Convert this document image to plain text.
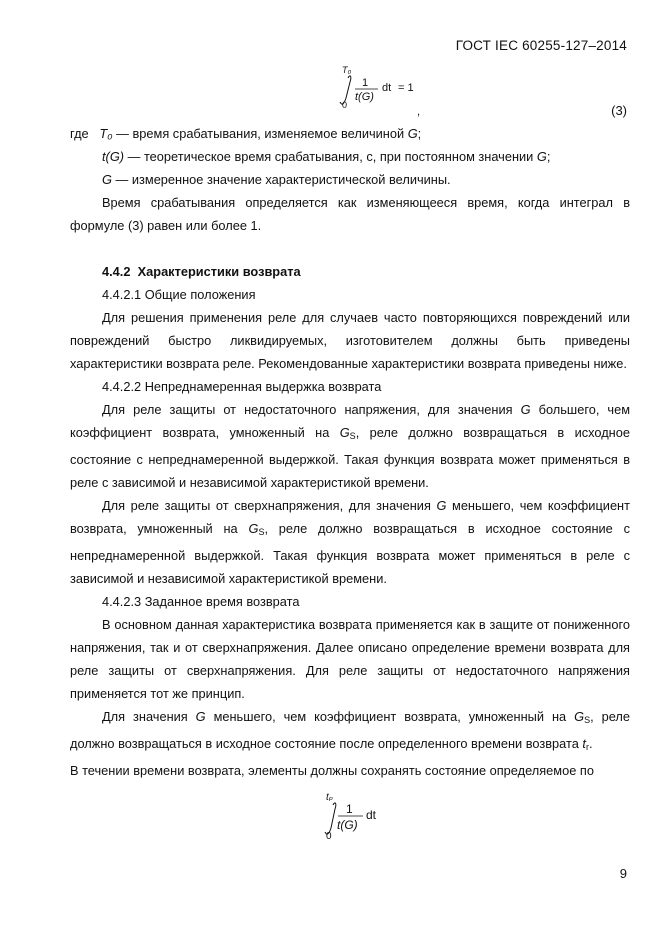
ГОСТ IEC 60255-127–2014
T₀
0
1
t(G)
dt = 1
,	(3)

где T₀ — время срабатывания, изменяемое величиной G;

t(G) — теоретическое время срабатывания, с, при постоянном значении G;

G — измеренное значение характеристической величины.

Время срабатывания определяется как изменяющееся время, когда интеграл в формуле (3) равен или более 1.

4.4.2 Характеристики возврата

4.4.2.1 Общие положения

Для решения применения реле для случаев часто повторяющихся повреждений или повреждений быстро ликвидируемых, изготовителем должны быть приведены характеристики возврата реле. Рекомендованные характеристики возврата приведены ниже.

4.4.2.2 Непреднамеренная выдержка возврата

Для реле защиты от недостаточного напряжения, для значения G большего, чем коэффициент возврата, умноженный на $G_S$, реле должно возвращаться в исходное состояние с непреднамеренной выдержкой. Такая функция возврата может применяться в реле с зависимой и независимой характеристикой времени.

Для реле защиты от сверхнапряжения, для значения G меньшего, чем коэффициент возврата, умноженный на $G_S$, реле должно возвращаться в исходное состояние с непреднамеренной выдержкой. Такая функция возврата может применяться в реле с зависимой и независимой характеристикой времени.

4.4.2.3 Заданное время возврата

В основном данная характеристика возврата применяется как в защите от пониженного напряжения, так и от сверхнапряжения. Далее описано определение времени возврата для реле защиты от сверхнапряжения. Для реле защиты от недостаточного напряжения применяется тот же принцип.

Для значения G меньшего, чем коэффициент возврата, умноженный на $G_S$, реле должно возвращаться в исходное состояние после определенного времени возврата $t_r$.

В течении времени возврата, элементы должны сохранять состояние определяемое по

tₚ
0
1
t(G)
dt
9
